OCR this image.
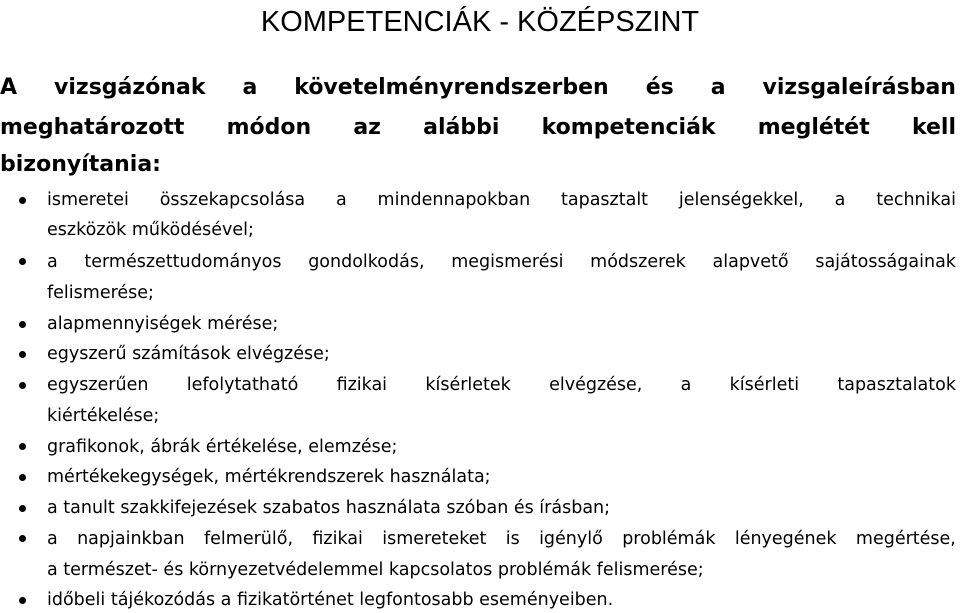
KOMPETENCIÁK - KÖZÉPSZINT
A vizsgázónak a követelményrendszerben és a vizsgaleírásban
meghatározott módon az alábbi kompetenciák meglétét kell
bizonyítania:
ismeretei összekapcsolása a mindennapokban tapasztalt jelenségekkel, a technikai
eszközök működésével;
a természettudományos gondolkodás, megismerési módszerek alapvető sajátosságainak
felismerése;
alapmennyiségek mérése;
egyszerű számítások elvégzése;
egyszerűen lefolytatható fizikai kísérletek elvégzése, a kísérleti tapasztalatok
kiértékelése;
grafikonok, ábrák értékelése, elemzése;
mértékekegységek, mértékrendszerek használata;
a tanult szakkifejezések szabatos használata szóban és írásban;
a napjainkban felmerülő, fizikai ismereteket is igénylő problémák lényegének megértése,
a természet- és környezetvédelemmel kapcsolatos problémák felismerése;
időbeli tájékozódás a fizikatörténet legfontosabb eseményeiben.
